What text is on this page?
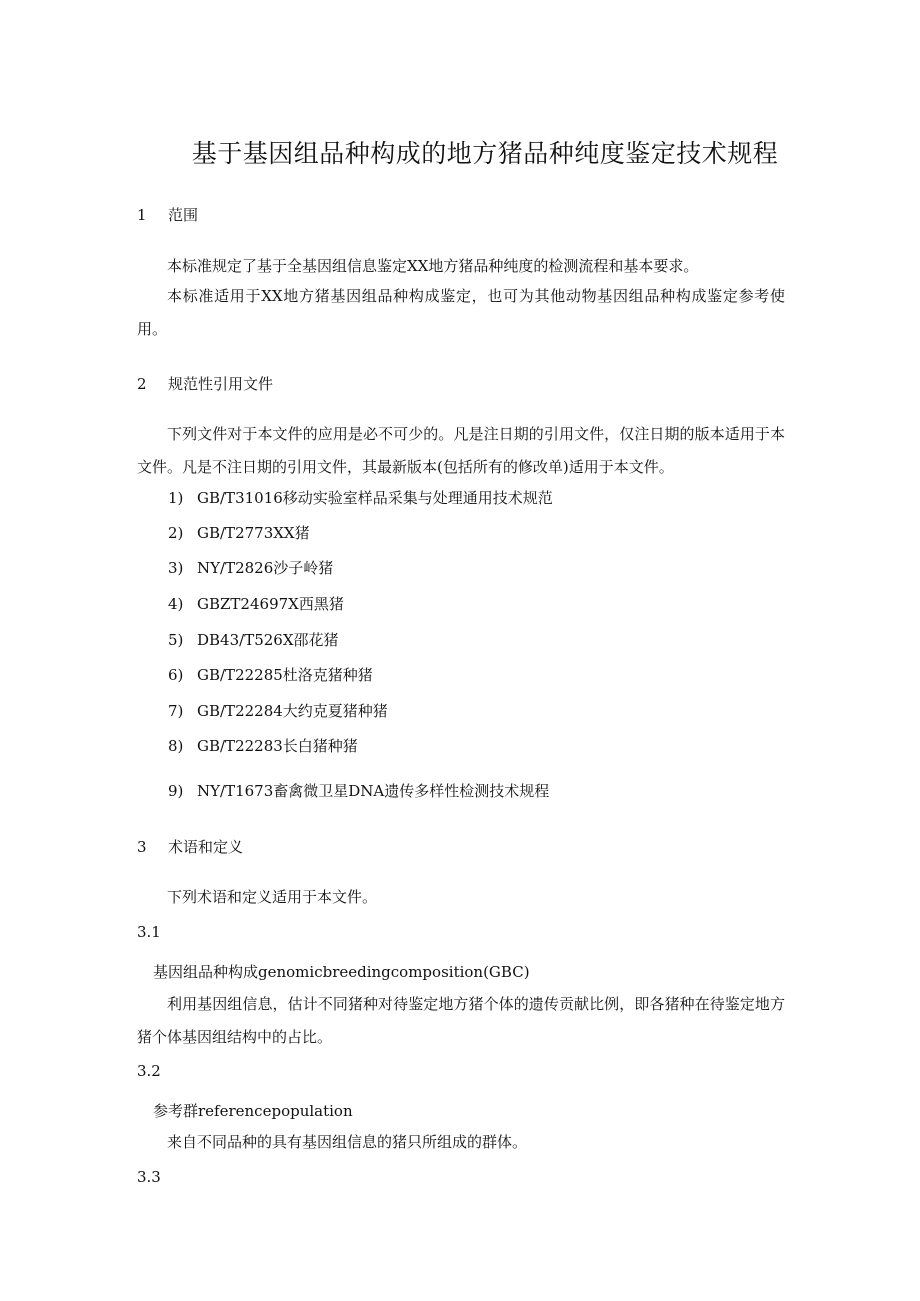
基于基因组品种构成的地方猪品种纯度鉴定技术规程
1 范围
本标准规定了基于全基因组信息鉴定XX地方猪品种纯度的检测流程和基本要求。
本标准适用于XX地方猪基因组品种构成鉴定，也可为其他动物基因组品种构成鉴定参考使用。
2 规范性引用文件
下列文件对于本文件的应用是必不可少的。凡是注日期的引用文件，仅注日期的版本适用于本文件。凡是不注日期的引用文件，其最新版本(包括所有的修改单)适用于本文件。
1) GB/T31016移动实验室样品采集与处理通用技术规范
2) GB/T2773XX猪
3) NY/T2826沙子岭猪
4) GBZT24697X西黑猪
5) DB43/T526X邵花猪
6) GB/T22285杜洛克猪种猪
7) GB/T22284大约克夏猪种猪
8) GB/T22283长白猪种猪
9) NY/T1673畜禽微卫星DNA遗传多样性检测技术规程
3 术语和定义
下列术语和定义适用于本文件。
3.1
基因组品种构成genomicbreedingcomposition(GBC)
利用基因组信息，估计不同猪种对待鉴定地方猪个体的遗传贡献比例，即各猪种在待鉴定地方猪个体基因组结构中的占比。
3.2
参考群referencepopulation
来自不同品种的具有基因组信息的猪只所组成的群体。
3.3
